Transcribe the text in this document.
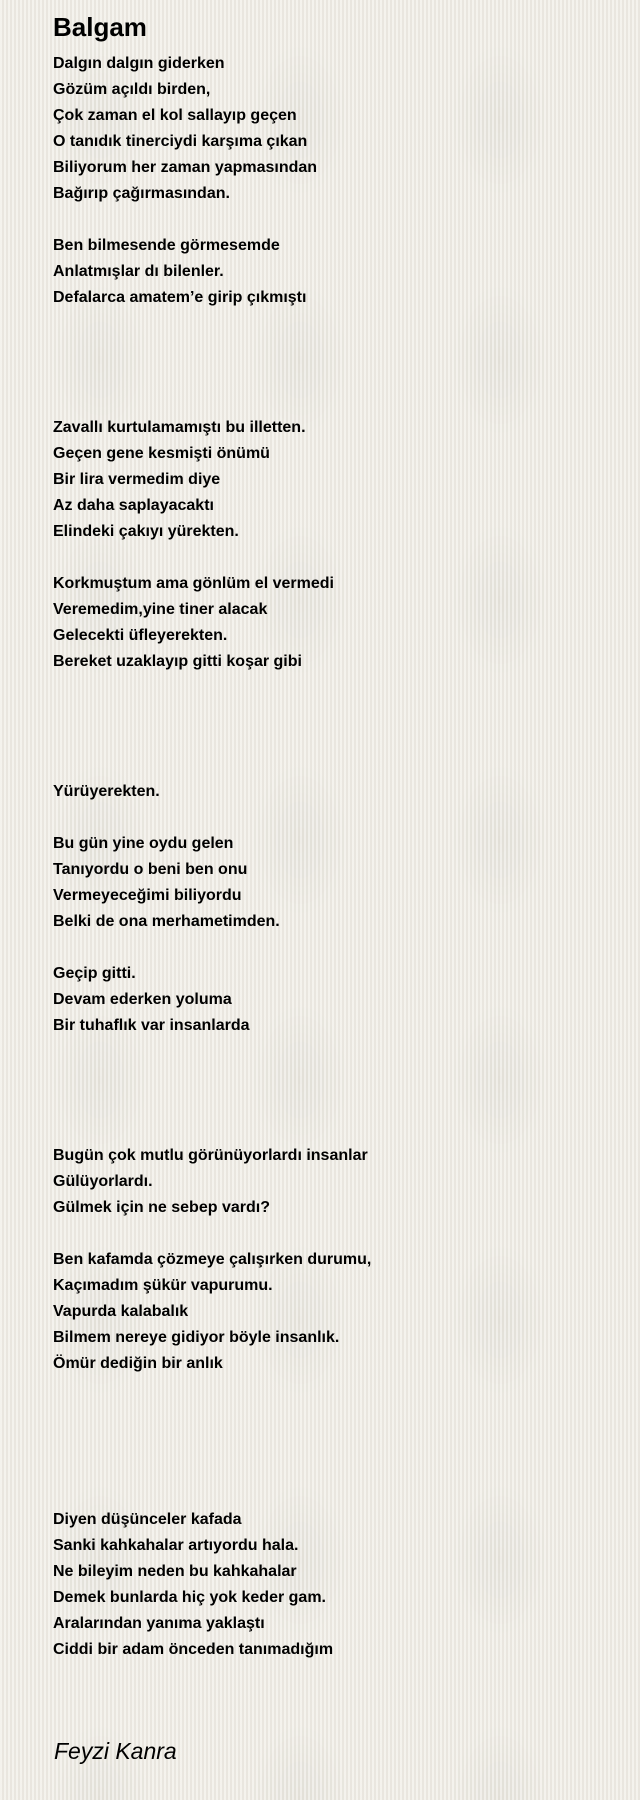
Balgam
Dalgın dalgın giderken
Gözüm açıldı birden,
Çok zaman el kol sallayıp geçen
O tanıdık tinerciydi karşıma çıkan
Biliyorum her zaman yapmasından
Bağırıp çağırmasından.
Ben bilmesende görmesemde
Anlatmışlar dı bilenler.
Defalarca amatem’e girip çıkmıştı
Zavallı kurtulamamıştı bu illetten.
Geçen gene kesmişti önümü
Bir lira vermedim diye
Az daha saplayacaktı
Elindeki çakıyı yürekten.
Korkmuştum ama gönlüm el vermedi
Veremedim,yine tiner alacak
Gelecekti üfleyerekten.
Bereket uzaklayıp gitti koşar gibi
Yürüyerekten.
Bu gün yine oydu gelen
Tanıyordu o beni ben onu
Vermeyeceğimi biliyordu
Belki de ona merhametimden.
Geçip gitti.
Devam ederken yoluma
Bir tuhaflık var insanlarda
Bugün çok mutlu görünüyorlardı insanlar
Gülüyorlardı.
Gülmek için ne sebep vardı?
Ben kafamda çözmeye çalışırken durumu,
Kaçımadım şükür vapurumu.
Vapurda kalabalık
Bilmem nereye gidiyor böyle insanlık.
Ömür dediğin bir anlık
Diyen düşünceler kafada
Sanki kahkahalar artıyordu hala.
Ne bileyim neden bu kahkahalar
Demek bunlarda hiç yok keder gam.
Aralarından yanıma yaklaştı
Ciddi bir adam önceden tanımadığım
Feyzi Kanra
